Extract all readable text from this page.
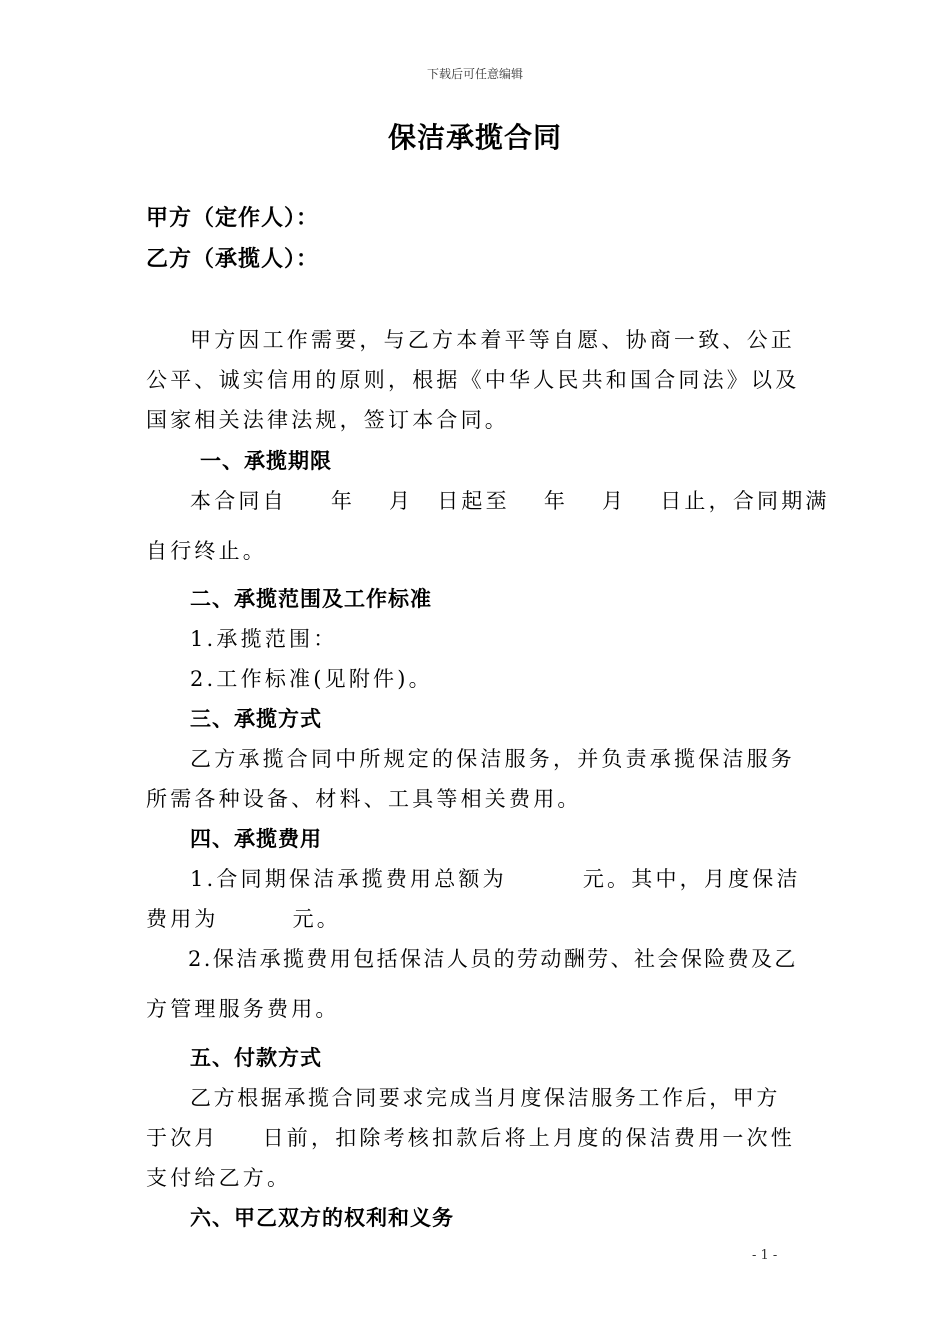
下载后可任意编辑
保洁承揽合同
甲方（定作人）：
乙方（承揽人）：
甲方因工作需要，与乙方本着平等自愿、协商一致、公正
公平、诚实信用的原则，根据《中华人民共和国合同法》以及
国家相关法律法规，签订本合同。
一、承揽期限
本合同自 年 月 日起至 年 月 日止，合同期满
自行终止。
二、承揽范围及工作标准
1.承揽范围：
2.工作标准(见附件)。
三、承揽方式
乙方承揽合同中所规定的保洁服务，并负责承揽保洁服务
所需各种设备、材料、工具等相关费用。
四、承揽费用
1.合同期保洁承揽费用总额为	元。其中，月度保洁
费用为	元。
2.保洁承揽费用包括保洁人员的劳动酬劳、社会保险费及乙
方管理服务费用。
五、付款方式
乙方根据承揽合同要求完成当月度保洁服务工作后，甲方
于次月 日前，扣除考核扣款后将上月度的保洁费用一次性
支付给乙方。
六、甲乙双方的权利和义务
- 1 -
